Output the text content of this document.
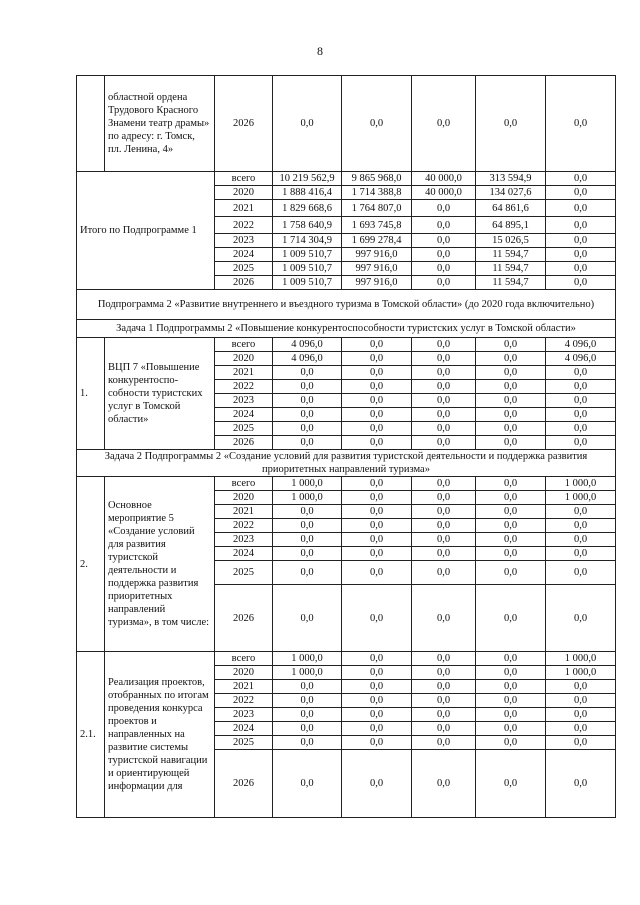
8
	областной ордена Трудового Красного Знамени театр драмы» по адресу: г. Томск, пл. Ленина, 4»	2026	0,0	0,0	0,0	0,0	0,0
Итого по Подпрограмме 1		всего	10 219 562,9	9 865 968,0	40 000,0	313 594,9	0,0
		2020	1 888 416,4	1 714 388,8	40 000,0	134 027,6	0,0
		2021	1 829 668,6	1 764 807,0	0,0	64 861,6	0,0
		2022	1 758 640,9	1 693 745,8	0,0	64 895,1	0,0
		2023	1 714 304,9	1 699 278,4	0,0	15 026,5	0,0
		2024	1 009 510,7	997 916,0	0,0	11 594,7	0,0
		2025	1 009 510,7	997 916,0	0,0	11 594,7	0,0
		2026	1 009 510,7	997 916,0	0,0	11 594,7	0,0
Подпрограмма 2 «Развитие внутреннего и въездного туризма в Томской области» (до 2020 года включительно)							
Задача 1 Подпрограммы 2 «Повышение конкурентоспособности туристских услуг в Томской области»							
1.	ВЦП 7 «Повышение конкурентоспо-собности туристских услуг в Томской области»	всего	4 096,0	0,0	0,0	0,0	4 096,0
		2020	4 096,0	0,0	0,0	0,0	4 096,0
		2021	0,0	0,0	0,0	0,0	0,0
		2022	0,0	0,0	0,0	0,0	0,0
		2023	0,0	0,0	0,0	0,0	0,0
		2024	0,0	0,0	0,0	0,0	0,0
		2025	0,0	0,0	0,0	0,0	0,0
		2026	0,0	0,0	0,0	0,0	0,0
Задача 2 Подпрограммы 2 «Создание условий для развития туристской деятельности и поддержка развития приоритетных направлений туризма»							
2.	Основное мероприятие 5 «Создание условий для развития туристской деятельности и поддержка развития приоритетных направлений туризма», в том числе:	всего	1 000,0	0,0	0,0	0,0	1 000,0
		2020	1 000,0	0,0	0,0	0,0	1 000,0
		2021	0,0	0,0	0,0	0,0	0,0
		2022	0,0	0,0	0,0	0,0	0,0
		2023	0,0	0,0	0,0	0,0	0,0
		2024	0,0	0,0	0,0	0,0	0,0
		2025	0,0	0,0	0,0	0,0	0,0
		2026	0,0	0,0	0,0	0,0	0,0
2.1.	Реализация проектов, отобранных по итогам проведения конкурса проектов и направленных на развитие системы туристской навигации и ориентирующей информации для	всего	1 000,0	0,0	0,0	0,0	1 000,0
		2020	1 000,0	0,0	0,0	0,0	1 000,0
		2021	0,0	0,0	0,0	0,0	0,0
		2022	0,0	0,0	0,0	0,0	0,0
		2023	0,0	0,0	0,0	0,0	0,0
		2024	0,0	0,0	0,0	0,0	0,0
		2025	0,0	0,0	0,0	0,0	0,0
		2026	0,0	0,0	0,0	0,0	0,0
